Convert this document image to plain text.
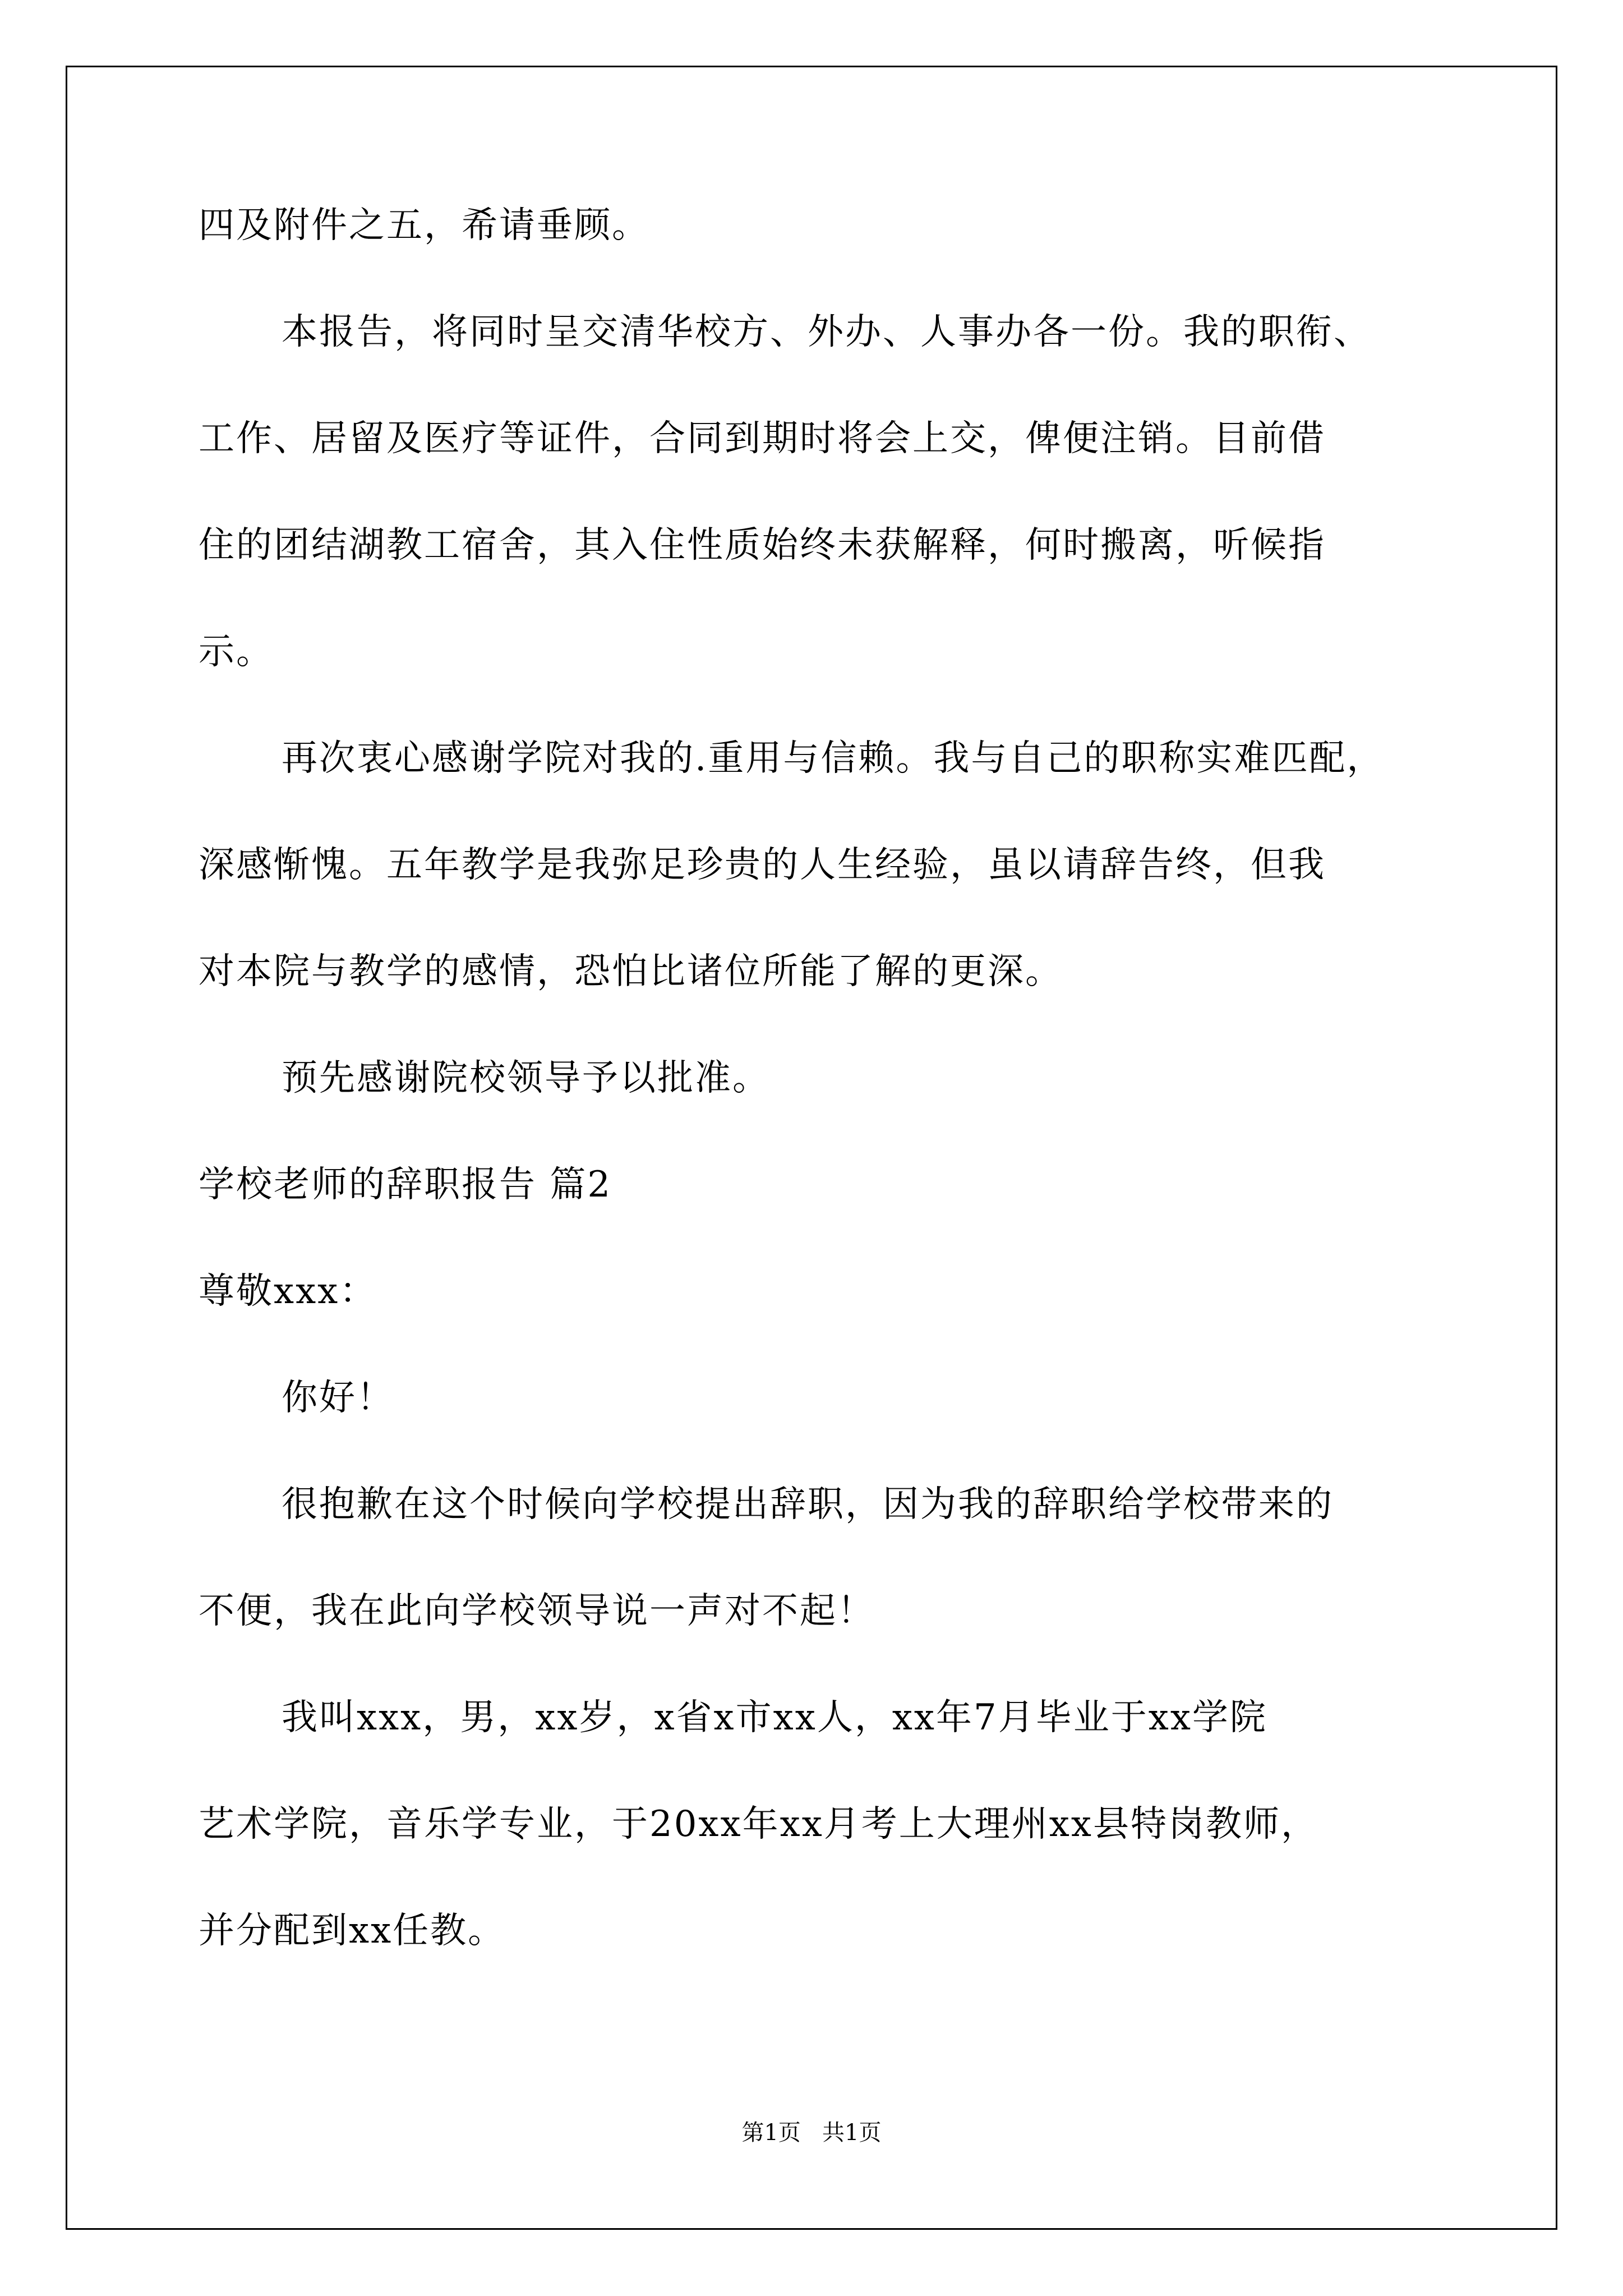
四及附件之五，希请垂顾。
本报告，将同时呈交清华校方、外办、人事办各一份。我的职衔、
工作、居留及医疗等证件，合同到期时将会上交，俾便注销。目前借
住的团结湖教工宿舍，其入住性质始终未获解释，何时搬离，听候指
示。
再次衷心感谢学院对我的.重用与信赖。我与自己的职称实难匹配，
深感惭愧。五年教学是我弥足珍贵的人生经验，虽以请辞告终，但我
对本院与教学的感情，恐怕比诸位所能了解的更深。
预先感谢院校领导予以批准。
学校老师的辞职报告 篇2
尊敬xxx：
你好！
很抱歉在这个时候向学校提出辞职，因为我的辞职给学校带来的
不便，我在此向学校领导说一声对不起！
我叫xxx，男，xx岁，x省x市xx人，xx年7月毕业于xx学院
艺术学院，音乐学专业，于20xx年xx月考上大理州xx县特岗教师，
并分配到xx任教。
第1页   共1页
